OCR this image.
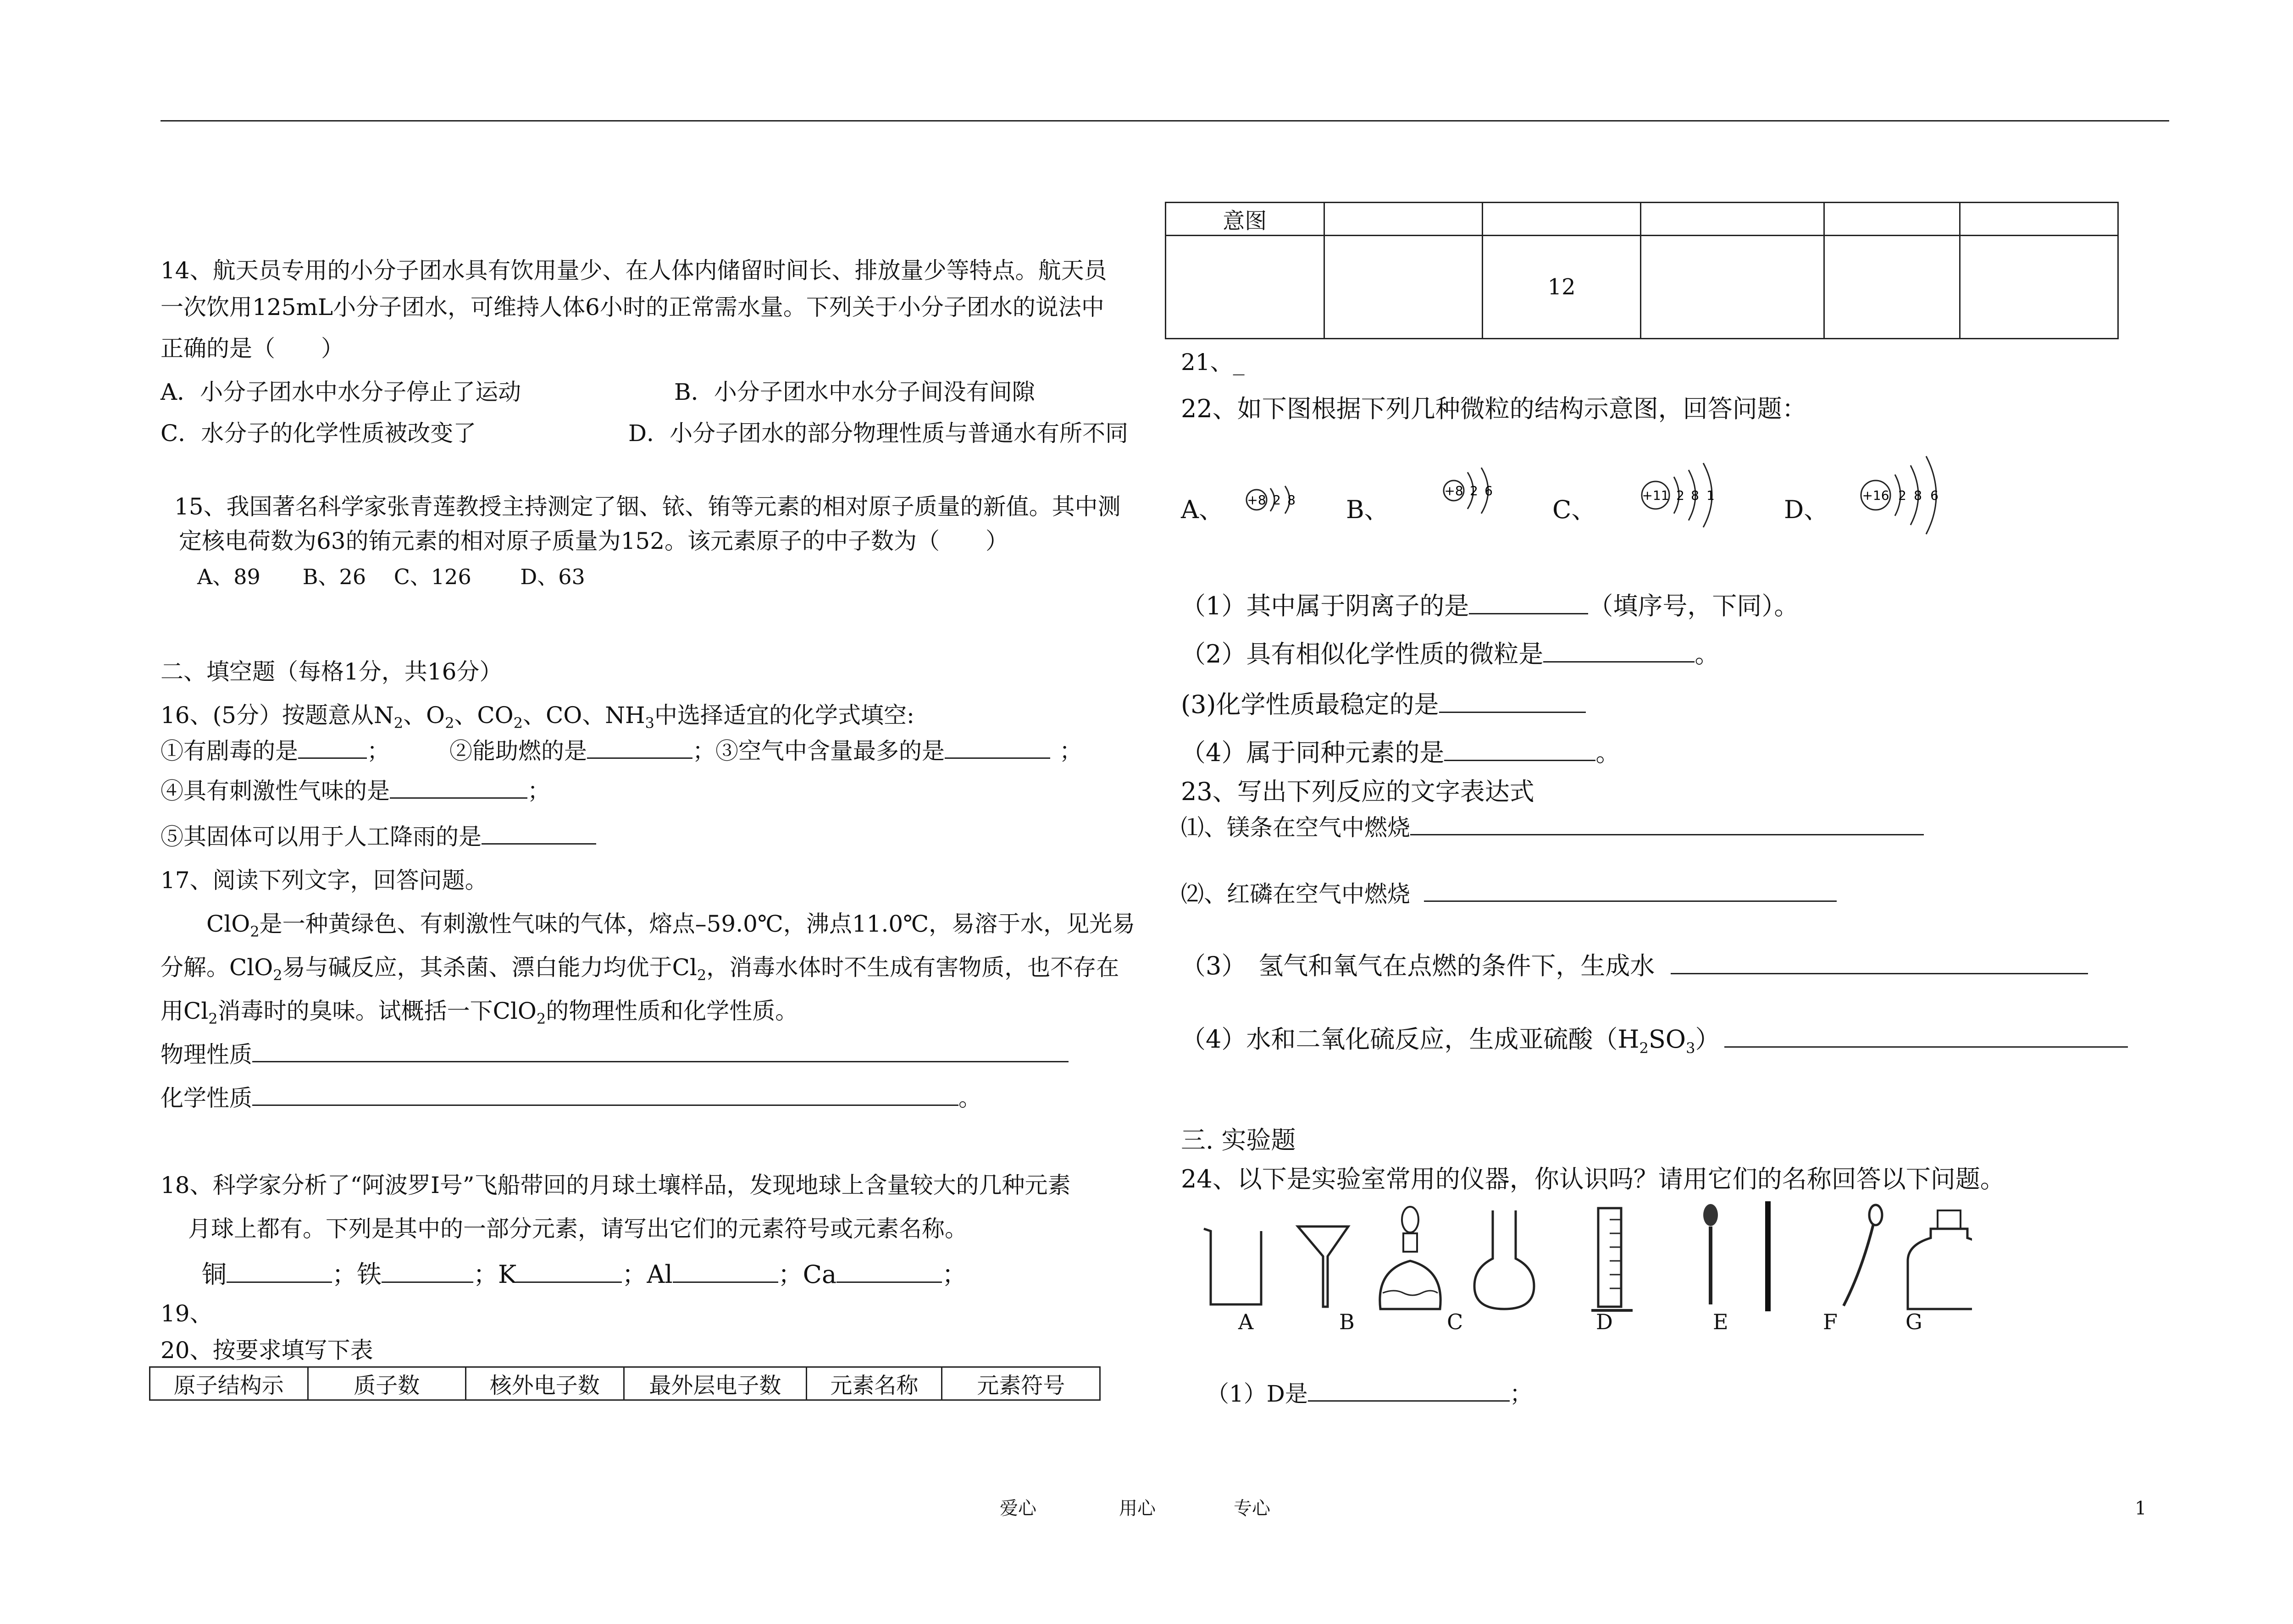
14、航天员专用的小分子团水具有饮用量少、在人体内储留时间长、排放量少等特点。航天员
一次饮用125mL小分子团水，可维持人体6小时的正常需水量。下列关于小分子团水的说法中
正确的是（　　）
A．小分子团水中水分子停止了运动	B．小分子团水中水分子间没有间隙
C．水分子的化学性质被改变了	D．小分子团水的部分物理性质与普通水有所不同
15、我国著名科学家张青莲教授主持测定了铟、铱、铕等元素的相对原子质量的新值。其中测
定核电荷数为63的铕元素的相对原子质量为152。该元素原子的中子数为（　　）
A、89　　B、26　 C、126　　 D、63
二、填空题（每格1分，共16分）
16、(5分）按题意从$N_2$、$O_2$、$CO_2$、CO、$NH_3$中选择适宜的化学式填空:
①有剧毒的是	；	②能助燃的是	；③空气中含量最多的是	；
④具有刺激性气味的是	；
⑤其固体可以用于人工降雨的是
17、阅读下列文字，回答问题。
ClO$_2$是一种黄绿色、有刺激性气味的气体，熔点–59.0℃，沸点11.0℃，易溶于水，见光易
分解。ClO$_2$易与碱反应，其杀菌、漂白能力均优于$Cl_2$，消毒水体时不生成有害物质，也不存在
用$Cl_2$消毒时的臭味。试概括一下ClO$_2$的物理性质和化学性质。
物理性质
化学性质	。
18、科学家分析了“阿波罗Ⅰ号”飞船带回的月球土壤样品，发现地球上含量较大的几种元素
月球上都有。下列是其中的一部分元素，请写出它们的元素符号或元素名称。
铜	；铁	；K	；Al	；Ca	；
19、
20、按要求填写下表
原子结构示	质子数	核外电子数	最外层电子数	元素名称	元素符号
意图					
		12			
21、_
22、如下图根据下列几种微粒的结构示意图，回答问题：
A、	B、	C、	D、
+8 2 8
+8 2 6	+11 2 8 1	+16 2 8 6
（1）其中属于阴离子的是	（填序号，下同）。
（2）具有相似化学性质的微粒是	。
(3)化学性质最稳定的是
（4）属于同种元素的是	。
23、写出下列反应的文字表达式
⑴、镁条在空气中燃烧
⑵、红磷在空气中燃烧
（3）　氢气和氧气在点燃的条件下，生成水
（4）水和二氧化硫反应，生成亚硫酸$(H_2SO_3)$
三. 实验题
24、以下是实验室常用的仪器，你认识吗？请用它们的名称回答以下问题。
A	B	C	D	E	F	G
（1）D是	；
爱心	用心	专心	1
